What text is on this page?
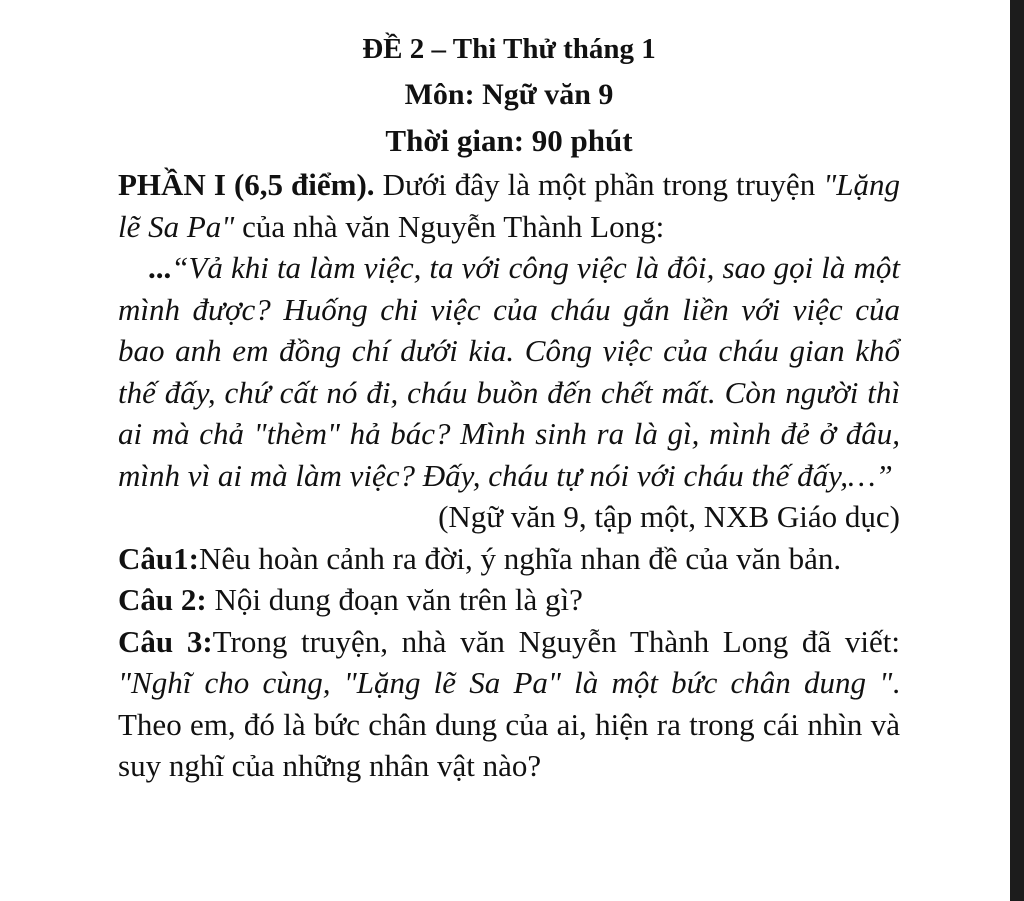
ĐỀ 2 – Thi Thử tháng 1
Môn: Ngữ văn 9
Thời gian: 90 phút

PHẦN I (6,5 điểm). Dưới đây là một phần trong truyện "Lặng lẽ Sa Pa" của nhà văn Nguyễn Thành Long:

...“Vả khi ta làm việc, ta với công việc là đôi, sao gọi là một mình được? Huống chi việc của cháu gắn liền với việc của bao anh em đồng chí dưới kia. Công việc của cháu gian khổ thế đấy, chứ cất nó đi, cháu buồn đến chết mất. Còn người thì ai mà chả "thèm" hả bác? Mình sinh ra là gì, mình đẻ ở đâu, mình vì ai mà làm việc? Đấy, cháu tự nói với cháu thế đấy,…”

(Ngữ văn 9, tập một, NXB Giáo dục)

Câu1:Nêu hoàn cảnh ra đời, ý nghĩa nhan đề của văn bản.

Câu 2: Nội dung đoạn văn trên là gì?

Câu 3:Trong truyện, nhà văn Nguyễn Thành Long đã viết: "Nghĩ cho cùng, "Lặng lẽ Sa Pa" là một bức chân dung ". Theo em, đó là bức chân dung của ai, hiện ra trong cái nhìn và suy nghĩ của những nhân vật nào?
